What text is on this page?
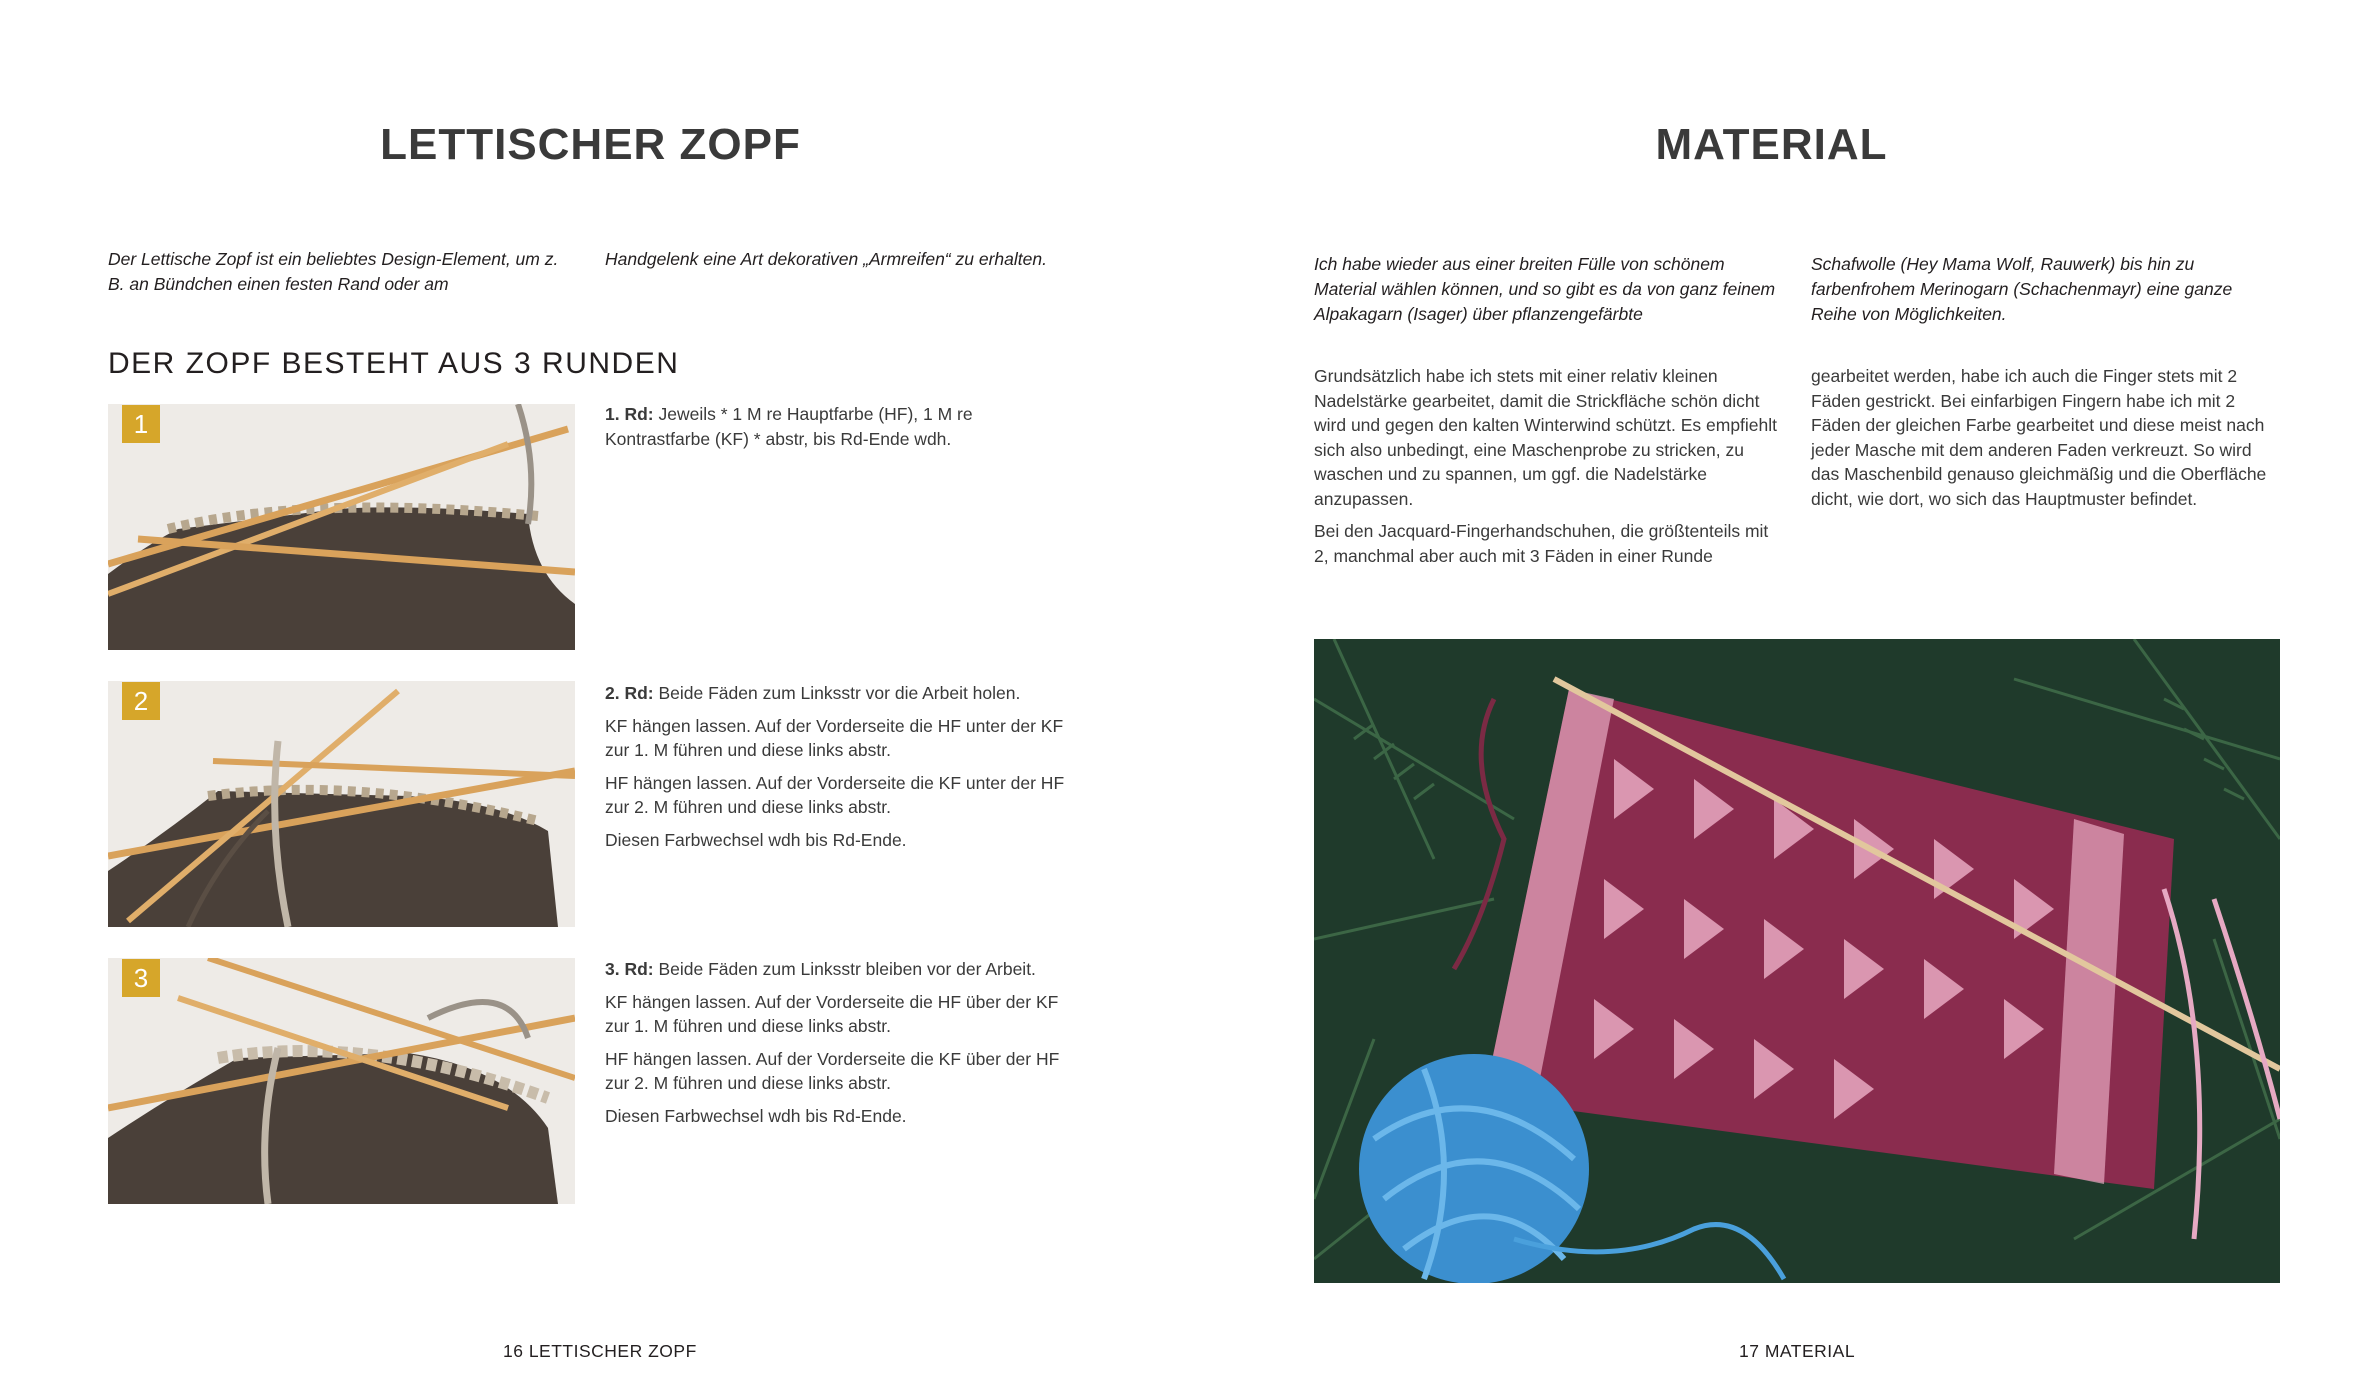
LETTISCHER ZOPF

Der Lettische Zopf ist ein beliebtes Design-Element, um z. B. an Bündchen einen festen Rand oder am

Handgelenk eine Art dekorativen „Armreifen“ zu erhalten.

DER ZOPF BESTEHT AUS 3 RUNDEN
1	1. Rd: Jeweils * 1 M re Hauptfarbe (HF), 1 M re Kontrastfarbe (KF) * abstr, bis Rd-Ende wdh.

2	2. Rd: Beide Fäden zum Linksstr vor die Arbeit holen.

KF hängen lassen. Auf der Vorderseite die HF unter der KF zur 1. M führen und diese links abstr.

HF hängen lassen. Auf der Vorderseite die KF unter der HF zur 2. M führen und diese links abstr.

Diesen Farbwechsel wdh bis Rd-Ende.

3	3. Rd: Beide Fäden zum Linksstr bleiben vor der Arbeit.

KF hängen lassen. Auf der Vorderseite die HF über der KF zur 1. M führen und diese links abstr.

HF hängen lassen. Auf der Vorderseite die KF über der HF zur 2. M führen und diese links abstr.

Diesen Farbwechsel wdh bis Rd-Ende.

16 LETTISCHER ZOPF

MATERIAL

Ich habe wieder aus einer breiten Fülle von schönem Material wählen können, und so gibt es da von ganz feinem Alpakagarn (Isager) über pflanzengefärbte

Schafwolle (Hey Mama Wolf, Rauwerk) bis hin zu farbenfrohem Merinogarn (Schachenmayr) eine ganze Reihe von Möglichkeiten.

Grundsätzlich habe ich stets mit einer relativ kleinen Nadelstärke gearbeitet, damit die Strickfläche schön dicht wird und gegen den kalten Winterwind schützt. Es empfiehlt sich also unbedingt, eine Maschenprobe zu stricken, zu waschen und zu spannen, um ggf. die Nadelstärke anzupassen.

Bei den Jacquard-Fingerhandschuhen, die größtenteils mit 2, manchmal aber auch mit 3 Fäden in einer Runde

gearbeitet werden, habe ich auch die Finger stets mit 2 Fäden gestrickt. Bei einfarbigen Fingern habe ich mit 2 Fäden der gleichen Farbe gearbeitet und diese meist nach jeder Masche mit dem anderen Faden verkreuzt. So wird das Maschenbild genauso gleichmäßig und die Oberfläche dicht, wie dort, wo sich das Hauptmuster befindet.

17 MATERIAL
